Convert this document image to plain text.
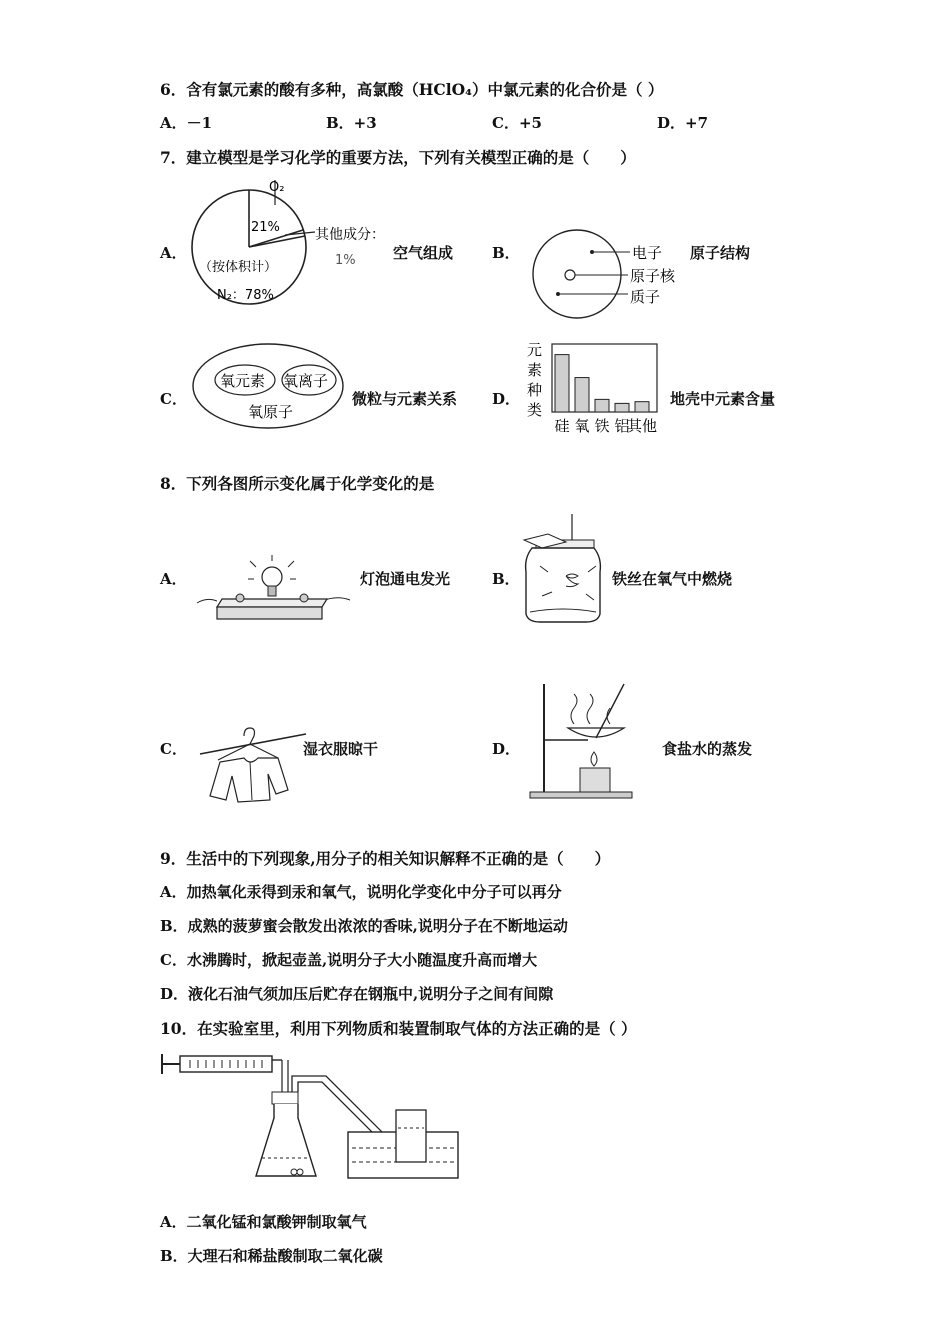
6．含有氯元素的酸有多种，高氯酸（HClO₄）中氯元素的化合价是（ ）
A．－1	B．+3	C．+5	D．+7
7．建立模型是学习化学的重要方法，下列有关模型正确的是（　　）
A．
O₂
21%	其他成分：
1%
（按体积计）
N₂：78%
空气组成	B．	电子
原子核
质子
原子结构
C．
氧元素 氧离子
氧原子
微粒与元素关系 D．
元
素
种
类
硅 氧 铁 铝
其他
地壳中元素含量
8．下列各图所示变化属于化学变化的是
A．	灯泡通电发光	B．	铁丝在氧气中燃烧
C．	湿衣服晾干	D．	食盐水的蒸发
9．生活中的下列现象,用分子的相关知识解释不正确的是（　　）
A．加热氧化汞得到汞和氧气，说明化学变化中分子可以再分
B．成熟的菠萝蜜会散发出浓浓的香味,说明分子在不断地运动
C．水沸腾时，掀起壶盖,说明分子大小随温度升高而增大
D．液化石油气须加压后贮存在钢瓶中,说明分子之间有间隙
10．在实验室里，利用下列物质和装置制取气体的方法正确的是（ ）
A．二氧化锰和氯酸钾制取氧气
B．大理石和稀盐酸制取二氧化碳
